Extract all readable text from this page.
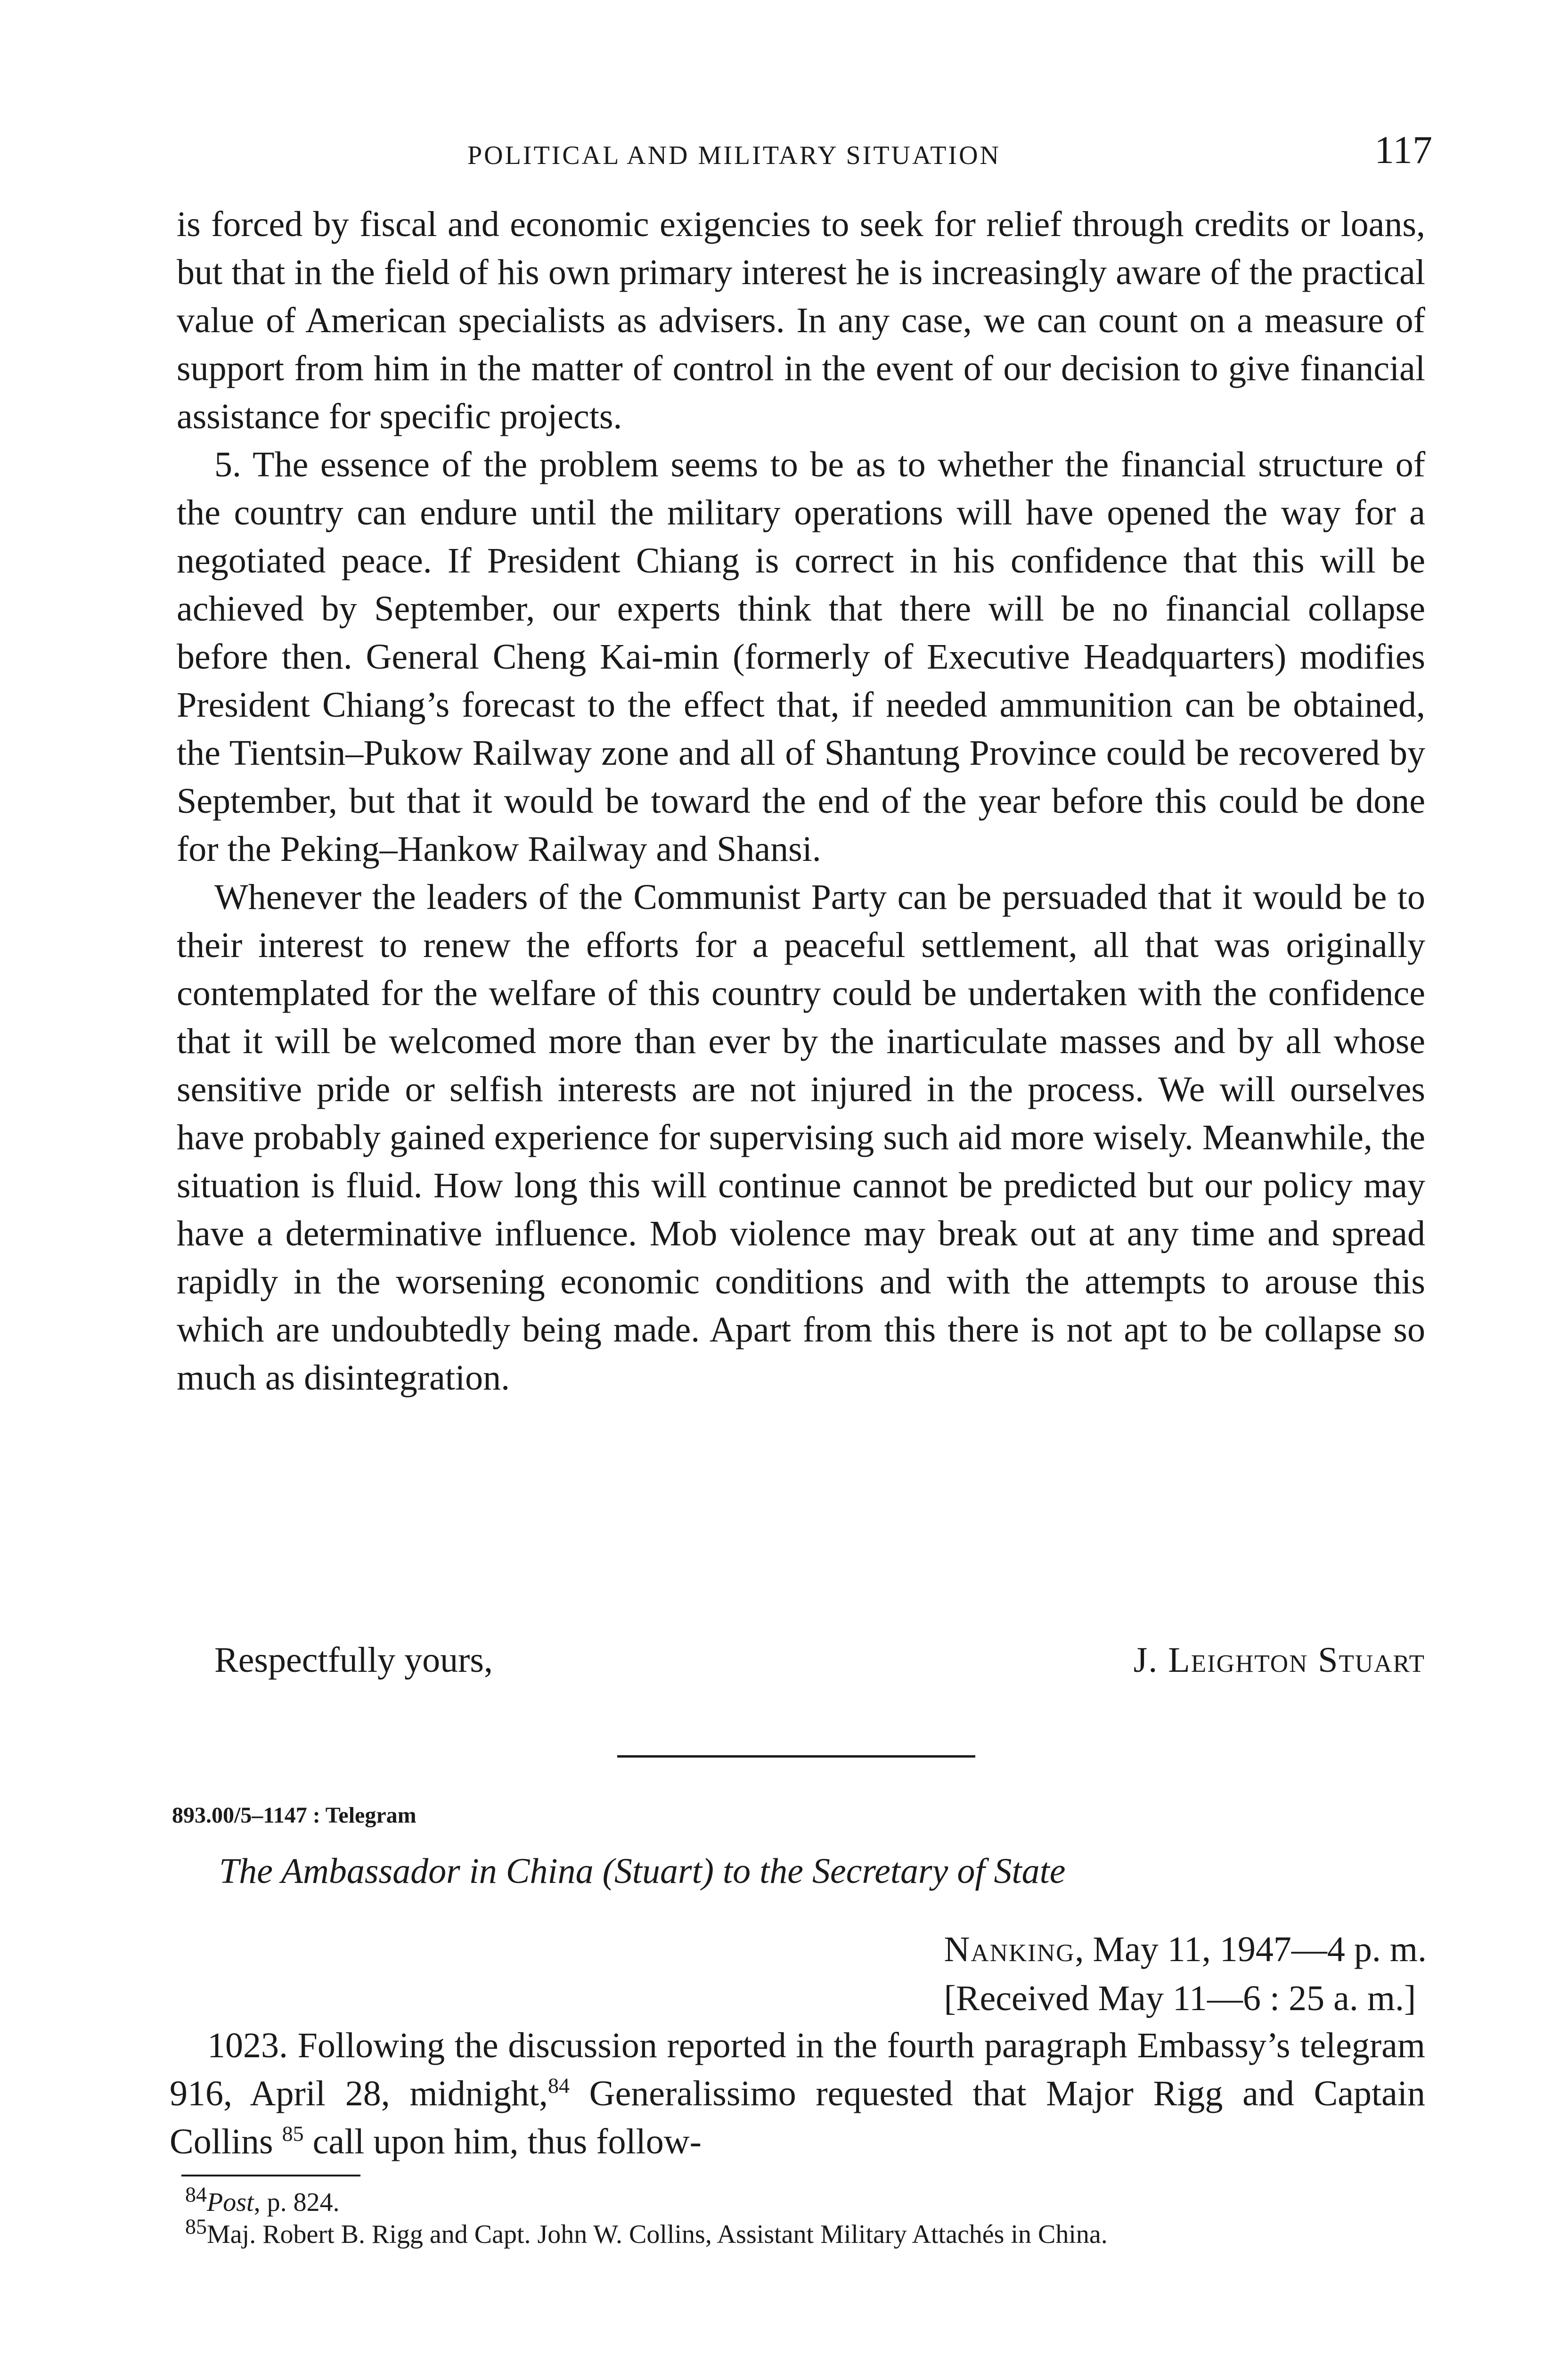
POLITICAL AND MILITARY SITUATION	117

is forced by fiscal and economic exigencies to seek for relief through credits or loans, but that in the field of his own primary interest he is increasingly aware of the practical value of American specialists as advisers. In any case, we can count on a measure of support from him in the matter of control in the event of our decision to give financial assistance for specific projects.

5. The essence of the problem seems to be as to whether the financial structure of the country can endure until the military operations will have opened the way for a negotiated peace. If President Chiang is correct in his confidence that this will be achieved by September, our experts think that there will be no financial collapse before then. General Cheng Kai-min (formerly of Executive Headquarters) modifies President Chiang’s forecast to the effect that, if needed ammunition can be obtained, the Tientsin–Pukow Railway zone and all of Shantung Province could be recovered by September, but that it would be toward the end of the year before this could be done for the Peking–Hankow Railway and Shansi.

Whenever the leaders of the Communist Party can be persuaded that it would be to their interest to renew the efforts for a peaceful settlement, all that was originally contemplated for the welfare of this country could be undertaken with the confidence that it will be welcomed more than ever by the inarticulate masses and by all whose sensitive pride or selfish interests are not injured in the process. We will ourselves have probably gained experience for supervising such aid more wisely. Meanwhile, the situation is fluid. How long this will continue cannot be predicted but our policy may have a determinative influence. Mob violence may break out at any time and spread rapidly in the worsening economic conditions and with the attempts to arouse this which are undoubtedly being made. Apart from this there is not apt to be collapse so much as disintegration.

Respectfully yours,	J. Leighton Stuart
893.00/5–1147 : Telegram
The Ambassador in China (Stuart) to the Secretary of State
Nanking, May 11, 1947—4 p. m.
[Received May 11—6 : 25 a. m.]

1023. Following the discussion reported in the fourth paragraph Embassy’s telegram 916, April 28, midnight,$^{84}$ Generalissimo requested that Major Rigg and Captain Collins $^{85}$ call upon him, thus follow-

$^{84}$Post, p. 824.

$^{85}$Maj. Robert B. Rigg and Capt. John W. Collins, Assistant Military Attachés in China.
